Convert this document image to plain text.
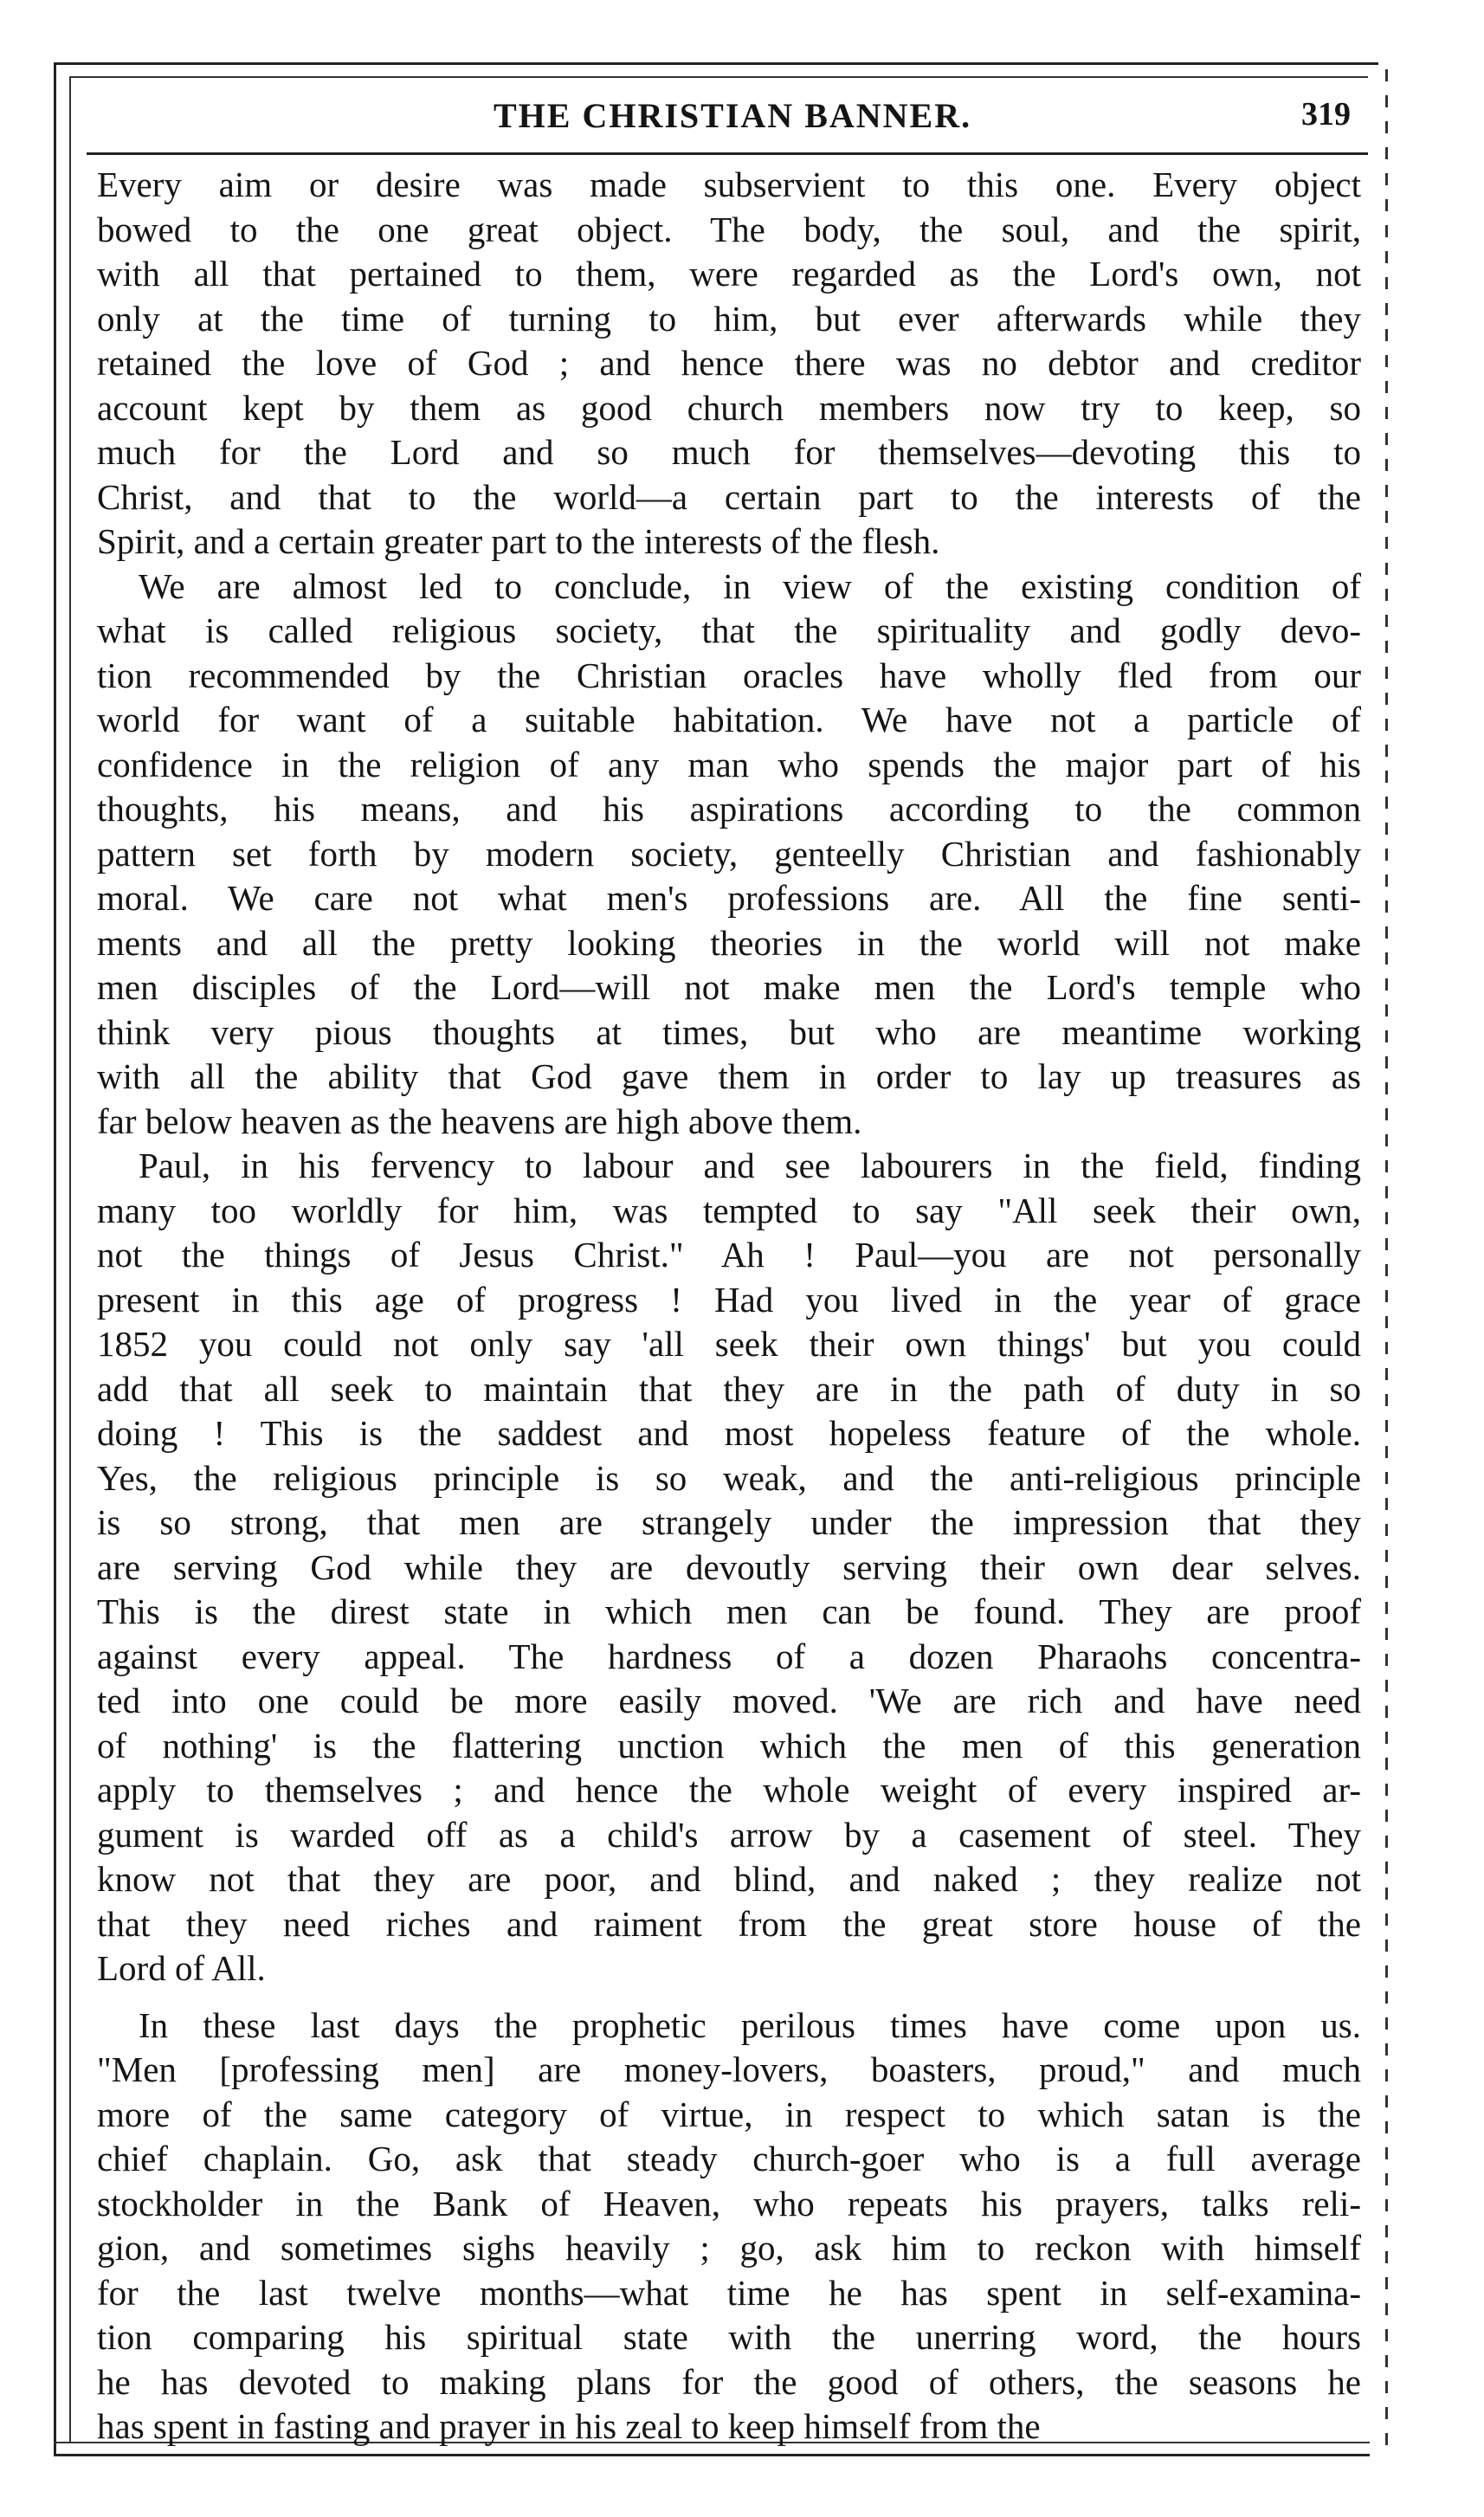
THE CHRISTIAN BANNER.	319
Every aim or desire was made subservient to this one. Every object
bowed to the one great object. The body, the soul, and the spirit,
with all that pertained to them, were regarded as the Lord's own, not
only at the time of turning to him, but ever afterwards while they
retained the love of God ; and hence there was no debtor and creditor
account kept by them as good church members now try to keep, so
much for the Lord and so much for themselves—devoting this to
Christ, and that to the world—a certain part to the interests of the
Spirit, and a certain greater part to the interests of the flesh.
We are almost led to conclude, in view of the existing condition of
what is called religious society, that the spirituality and godly devo-
tion recommended by the Christian oracles have wholly fled from our
world for want of a suitable habitation. We have not a particle of
confidence in the religion of any man who spends the major part of his
thoughts, his means, and his aspirations according to the common
pattern set forth by modern society, genteelly Christian and fashionably
moral. We care not what men's professions are. All the fine senti-
ments and all the pretty looking theories in the world will not make
men disciples of the Lord—will not make men the Lord's temple who
think very pious thoughts at times, but who are meantime working
with all the ability that God gave them in order to lay up treasures as
far below heaven as the heavens are high above them.
Paul, in his fervency to labour and see labourers in the field, finding
many too worldly for him, was tempted to say "All seek their own,
not the things of Jesus Christ." Ah ! Paul—you are not personally
present in this age of progress ! Had you lived in the year of grace
1852 you could not only say 'all seek their own things' but you could
add that all seek to maintain that they are in the path of duty in so
doing ! This is the saddest and most hopeless feature of the whole.
Yes, the religious principle is so weak, and the anti-religious principle
is so strong, that men are strangely under the impression that they
are serving God while they are devoutly serving their own dear selves.
This is the direst state in which men can be found. They are proof
against every appeal. The hardness of a dozen Pharaohs concentra-
ted into one could be more easily moved. 'We are rich and have need
of nothing' is the flattering unction which the men of this generation
apply to themselves ; and hence the whole weight of every inspired ar-
gument is warded off as a child's arrow by a casement of steel. They
know not that they are poor, and blind, and naked ; they realize not
that they need riches and raiment from the great store house of the
Lord of All.
In these last days the prophetic perilous times have come upon us.
"Men [professing men] are money-lovers, boasters, proud," and much
more of the same category of virtue, in respect to which satan is the
chief chaplain. Go, ask that steady church-goer who is a full average
stockholder in the Bank of Heaven, who repeats his prayers, talks reli-
gion, and sometimes sighs heavily ; go, ask him to reckon with himself
for the last twelve months—what time he has spent in self-examina-
tion comparing his spiritual state with the unerring word, the hours
he has devoted to making plans for the good of others, the seasons he
has spent in fasting and prayer in his zeal to keep himself from the
